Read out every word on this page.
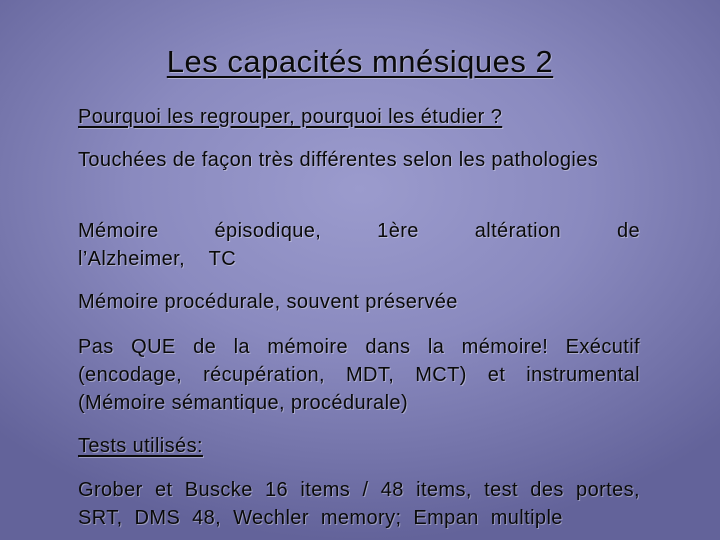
Les capacités mnésiques 2
Pourquoi les regrouper, pourquoi les étudier ?
Touchées de façon très différentes selon les pathologies
Mémoire épisodique, 1ère altération de l’Alzheimer, TC
Mémoire procédurale, souvent préservée
Pas QUE de la mémoire dans la mémoire! Exécutif (encodage, récupération, MDT, MCT) et instrumental (Mémoire sémantique, procédurale)
Tests utilisés:
Grober et Buscke 16 items / 48 items, test des portes, SRT, DMS 48, Wechler memory; Empan multiple
